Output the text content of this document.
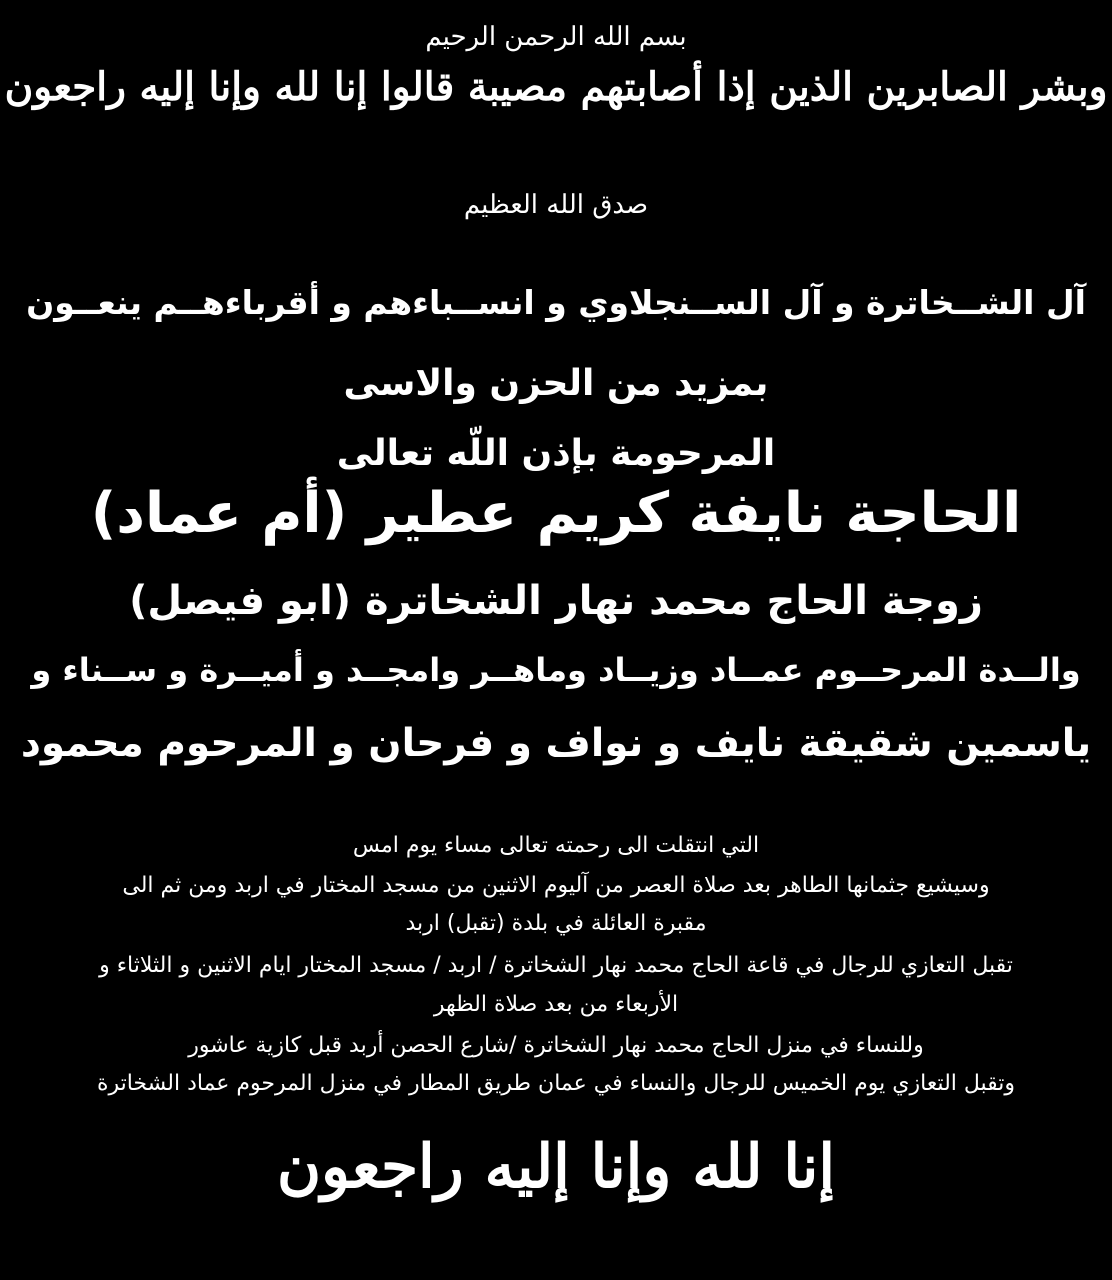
بسم الله الرحمن الرحيم
وبشر الصابرين الذين إذا أصابتهم مصيبة قالوا إنا لله وإنا إليه راجعون
صدق الله العظيم
آل الشــخاترة و آل الســنجلاوي و انســباءهم و أقرباءهــم ينعــون
بمزيد من الحزن والاسى
المرحومة بإذن اللّه تعالى
الحاجة نايفة كريم عطير (أم عماد)
زوجة الحاج محمد نهار الشخاترة (ابو فيصل)
والــدة المرحــوم عمــاد وزيــاد وماهــر وامجــد و أميــرة و ســناء و
ياسمين شقيقة نايف و نواف و فرحان و المرحوم محمود
التي انتقلت الى رحمته تعالى مساء يوم امس
وسيشيع جثمانها الطاهر بعد صلاة العصر من آليوم الاثنين من مسجد المختار في اربد ومن ثم الى
مقبرة العائلة في بلدة (تقبل) اربد
تقبل التعازي للرجال في قاعة الحاج محمد نهار الشخاترة / اربد / مسجد المختار ايام الاثنين و الثلاثاء و
الأربعاء من بعد صلاة الظهر
وللنساء في منزل الحاج محمد نهار الشخاترة /شارع الحصن أربد قبل كازية عاشور
وتقبل التعازي يوم الخميس للرجال والنساء في عمان طريق المطار في منزل المرحوم عماد الشخاترة
إنا لله وإنا إليه راجعون
